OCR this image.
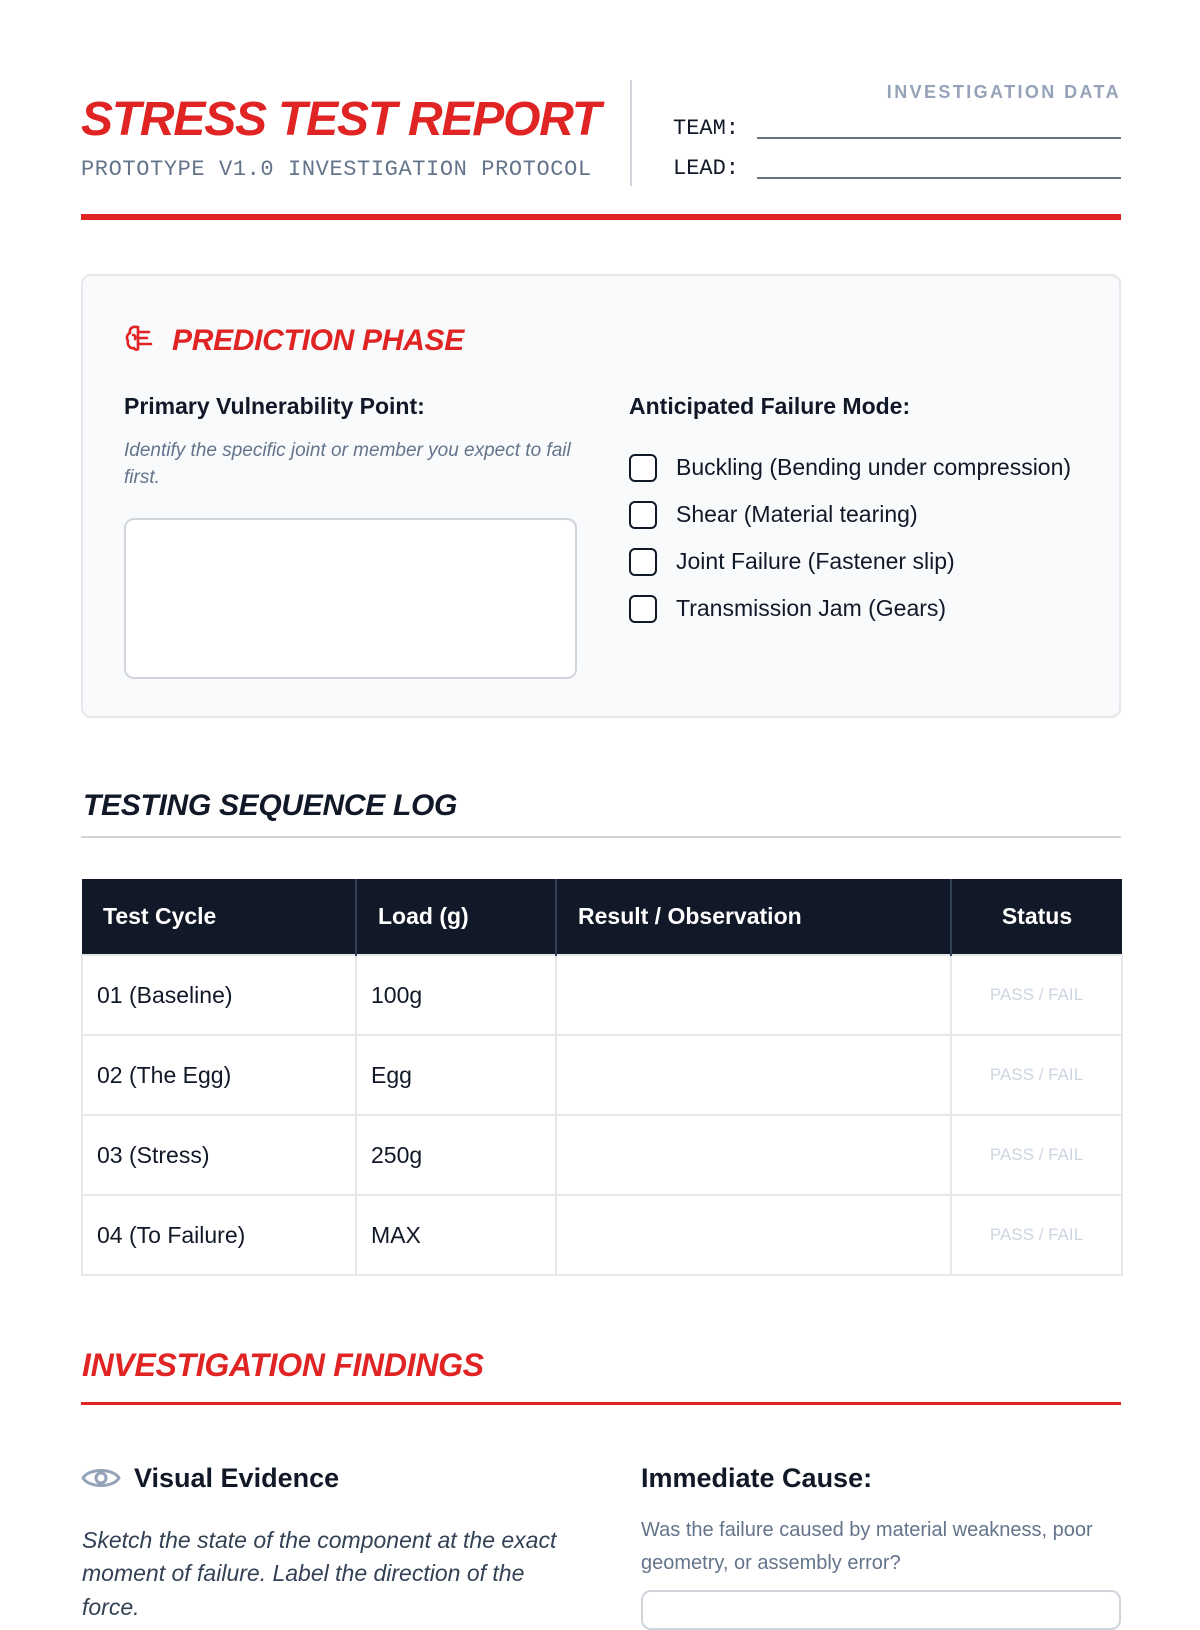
STRESS TEST REPORT
PROTOTYPE V1.0 INVESTIGATION PROTOCOL
INVESTIGATION DATA
TEAM:
LEAD:
PREDICTION PHASE
Primary Vulnerability Point:
Identify the specific joint or member you expect to fail first.
Anticipated Failure Mode:
Buckling (Bending under compression)
Shear (Material tearing)
Joint Failure (Fastener slip)
Transmission Jam (Gears)
TESTING SEQUENCE LOG
Test Cycle	Load (g)	Result / Observation	Status
01 (Baseline)	100g		PASS / FAIL
02 (The Egg)	Egg		PASS / FAIL
03 (Stress)	250g		PASS / FAIL
04 (To Failure)	MAX		PASS / FAIL
INVESTIGATION FINDINGS
Visual Evidence
Sketch the state of the component at the exact moment of failure. Label the direction of the force.
Immediate Cause:
Was the failure caused by material weakness, poor geometry, or assembly error?
